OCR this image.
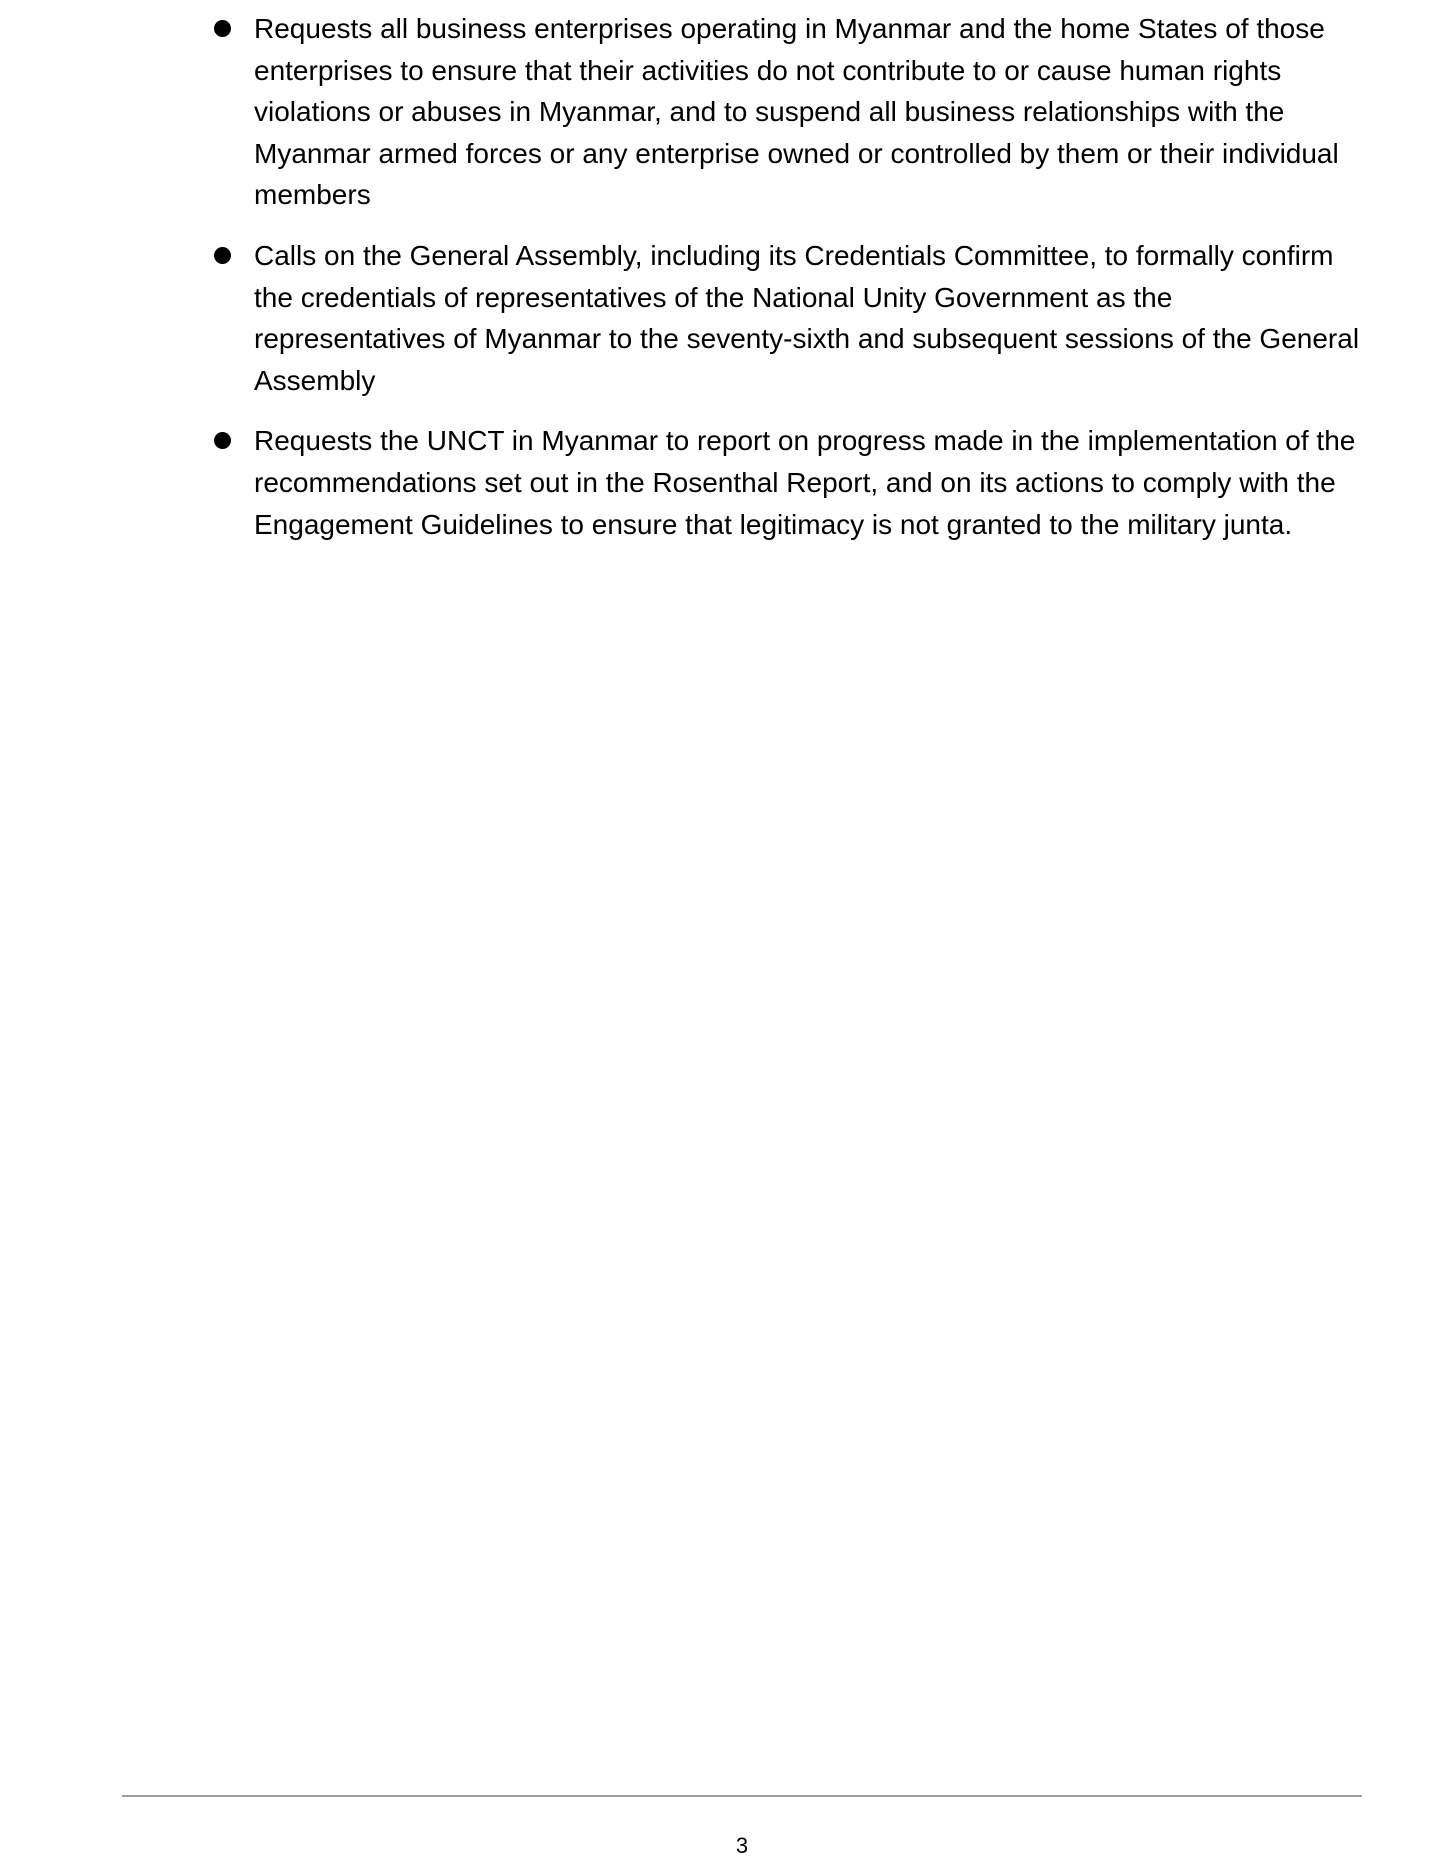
Requests all business enterprises operating in Myanmar and the home States of those enterprises to ensure that their activities do not contribute to or cause human rights violations or abuses in Myanmar, and to suspend all business relationships with the Myanmar armed forces or any enterprise owned or controlled by them or their individual members
Calls on the General Assembly, including its Credentials Committee, to formally confirm the credentials of representatives of the National Unity Government as the representatives of Myanmar to the seventy-sixth and subsequent sessions of the General Assembly
Requests the UNCT in Myanmar to report on progress made in the implementation of the recommendations set out in the Rosenthal Report, and on its actions to comply with the Engagement Guidelines to ensure that legitimacy is not granted to the military junta.
3
